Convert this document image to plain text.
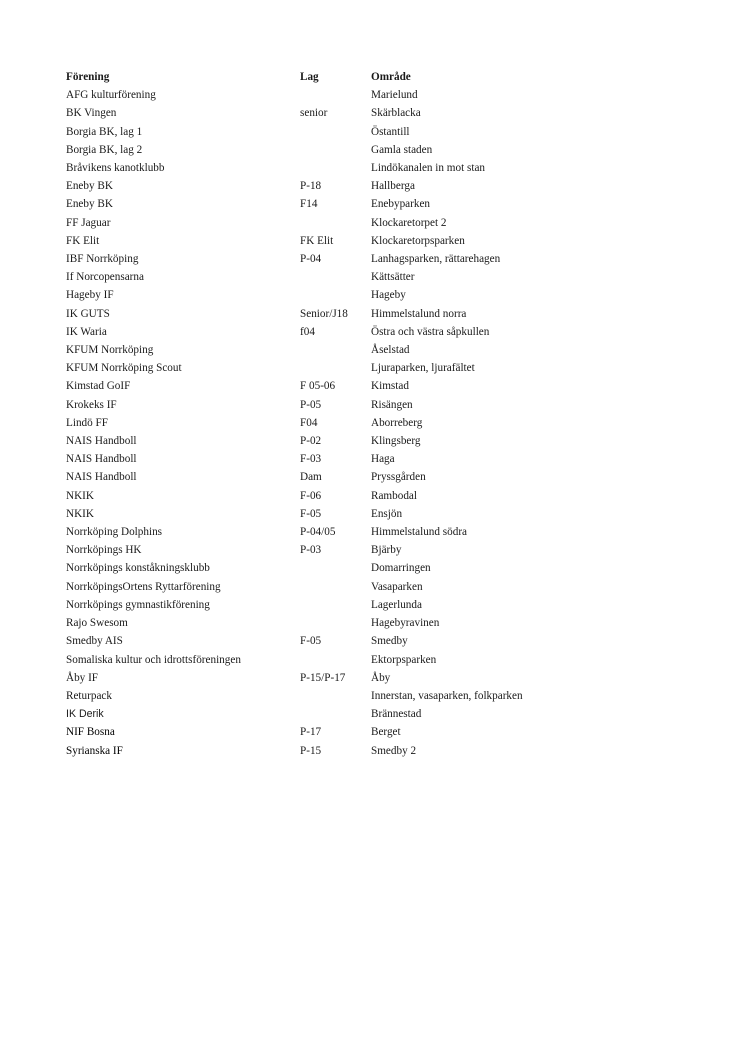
Förening	Lag	Område
AFG kulturförening		Marielund
BK Vingen	senior	Skärblacka
Borgia BK, lag 1		Östantill
Borgia BK, lag 2		Gamla staden
Bråvikens kanotklubb		Lindökanalen in mot stan
Eneby BK	P-18	Hallberga
Eneby BK	F14	Enebyparken
FF Jaguar		Klockaretorpet 2
FK Elit	FK Elit	Klockaretorpsparken
IBF Norrköping	P-04	Lanhagsparken, rättarehagen
If Norcopensarna		Kättsätter
Hageby IF		Hageby
IK GUTS	Senior/J18	Himmelstalund norra
IK Waria	f04	Östra och västra såpkullen
KFUM Norrköping		Åselstad
KFUM Norrköping Scout		Ljuraparken, ljurafältet
Kimstad GoIF	F 05-06	Kimstad
Krokeks IF	P-05	Risängen
Lindö FF	F04	Aborreberg
NAIS Handboll	P-02	Klingsberg
NAIS Handboll	F-03	Haga
NAIS Handboll	Dam	Pryssgården
NKIK	F-06	Rambodal
NKIK	F-05	Ensjön
Norrköping Dolphins	P-04/05	Himmelstalund södra
Norrköpings HK	P-03	Bjärby
Norrköpings konståkningsklubb		Domarringen
NorrköpingsOrtens Ryttarförening		Vasaparken
Norrköpings gymnastikförening		Lagerlunda
Rajo Swesom		Hagebyravinen
Smedby AIS	F-05	Smedby
Somaliska kultur och idrottsföreningen		Ektorpsparken
Åby IF	P-15/P-17	Åby
Returpack		Innerstan, vasaparken, folkparken
IK Derik		Brännestad
NIF Bosna	P-17	Berget
Syrianska IF	P-15	Smedby 2
